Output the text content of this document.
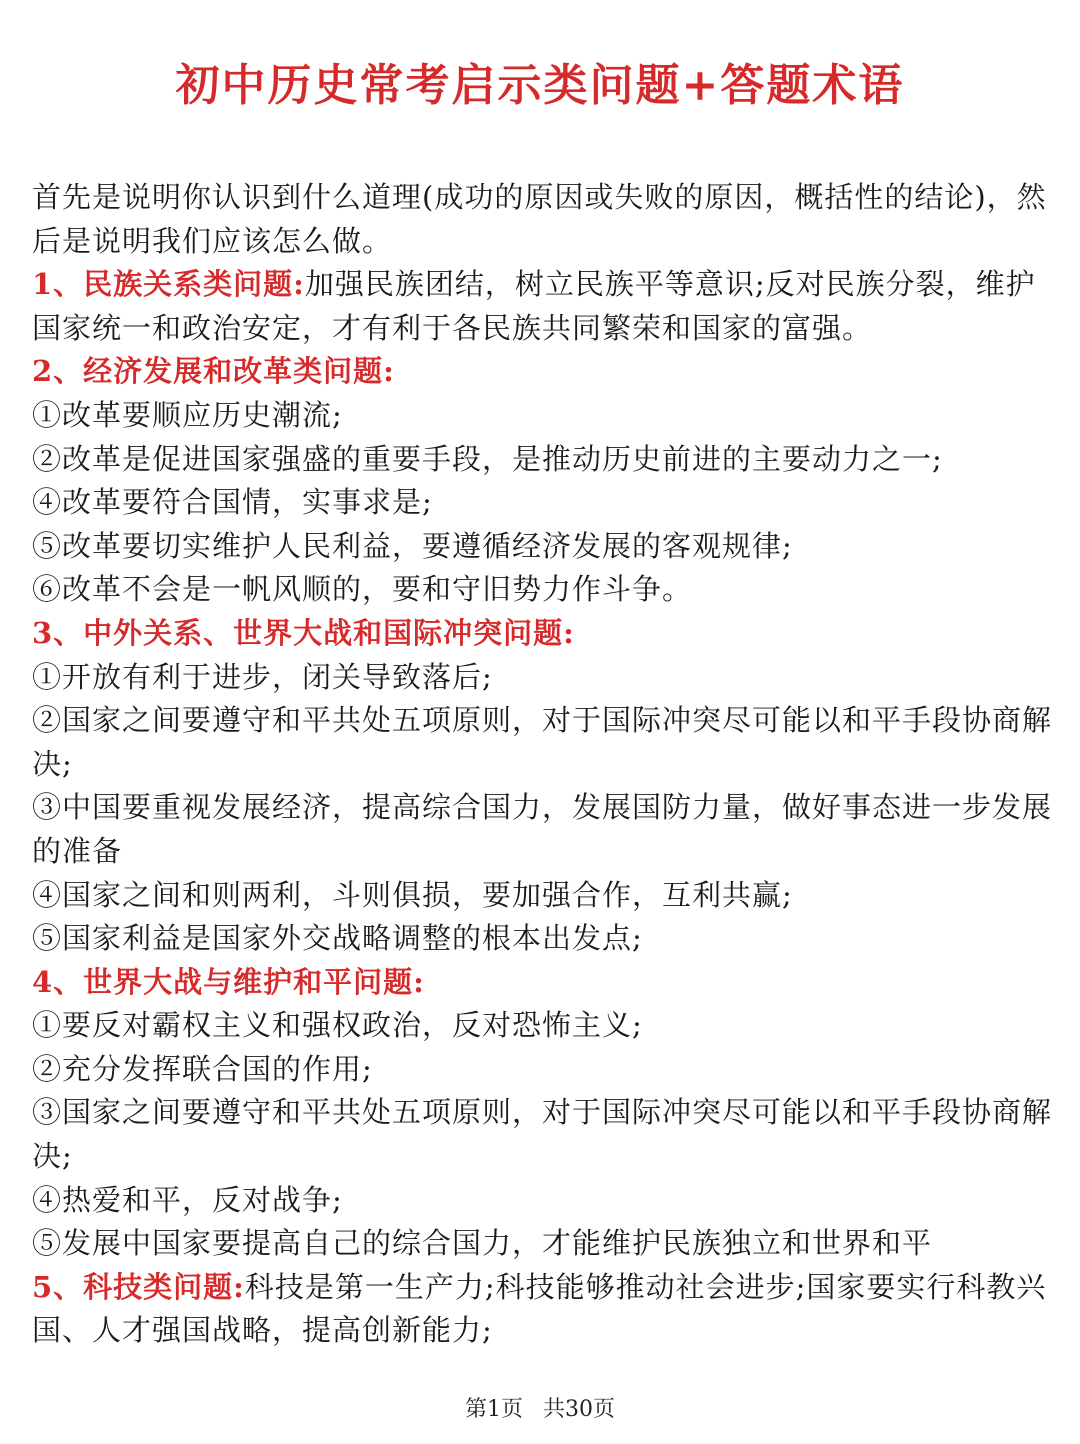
初中历史常考启示类问题+答题术语

首先是说明你认识到什么道理(成功的原因或失败的原因，概括性的结论)，然后是说明我们应该怎么做。

1、民族关系类问题:加强民族团结，树立民族平等意识;反对民族分裂，维护国家统一和政治安定，才有利于各民族共同繁荣和国家的富强。

2、经济发展和改革类问题:

①改革要顺应历史潮流;

②改革是促进国家强盛的重要手段，是推动历史前进的主要动力之一;

④改革要符合国情，实事求是;

⑤改革要切实维护人民利益，要遵循经济发展的客观规律;

⑥改革不会是一帆风顺的，要和守旧势力作斗争。

3、中外关系、世界大战和国际冲突问题:

①开放有利于进步，闭关导致落后;

②国家之间要遵守和平共处五项原则，对于国际冲突尽可能以和平手段协商解决;

③中国要重视发展经济，提高综合国力，发展国防力量，做好事态进一步发展的准备

④国家之间和则两利，斗则俱损，要加强合作，互利共赢;

⑤国家利益是国家外交战略调整的根本出发点;

4、世界大战与维护和平问题:

①要反对霸权主义和强权政治，反对恐怖主义;

②充分发挥联合国的作用;

③国家之间要遵守和平共处五项原则，对于国际冲突尽可能以和平手段协商解决;

④热爱和平，反对战争;

⑤发展中国家要提高自己的综合国力，才能维护民族独立和世界和平

5、科技类问题:科技是第一生产力;科技能够推动社会进步;国家要实行科教兴国、人才强国战略，提高创新能力;

第1页 共30页
